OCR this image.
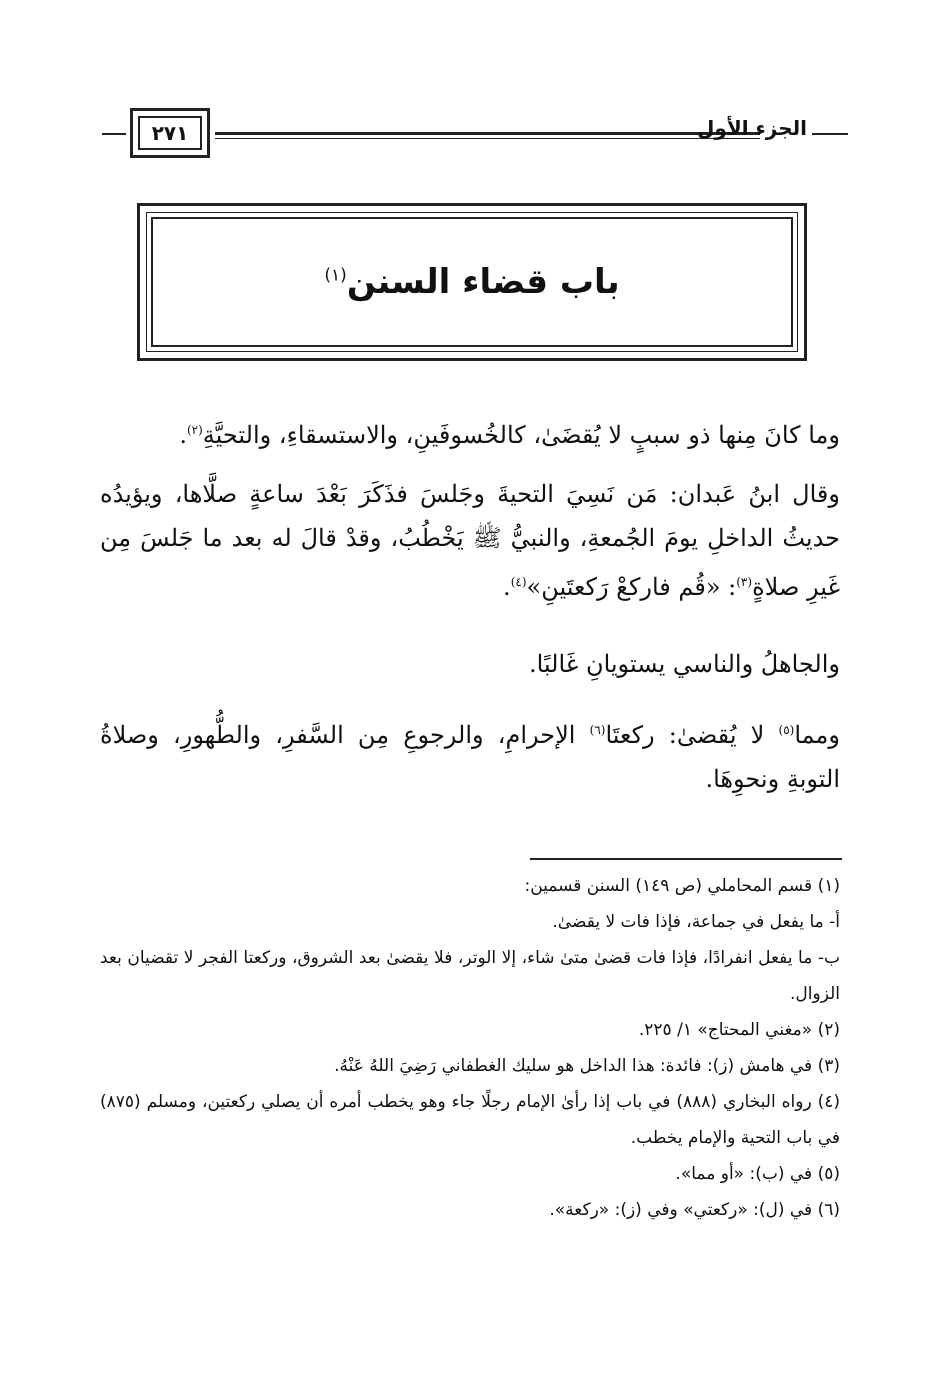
٢٧١	الجزء الأول
باب قضاء السنن$^{(١)}$
وما كانَ مِنها ذو سببٍ لا يُقضَىٰ، كالخُسوفَينِ، والاستسقاءِ، والتحيَّةِ$^{(٢)}$.
وقال ابنُ عَبدان: مَن نَسِيَ التحيةَ وجَلسَ فذَكَرَ بَعْدَ ساعةٍ صلَّاها، ويؤيدُه حديثُ الداخلِ يومَ الجُمعةِ، والنبيُّ ﷺ يَخْطُبُ، وقدْ قالَ له بعد ما جَلسَ مِن غَيرِ صلاةٍ$^{(٣)}$: «قُم فاركعْ رَكعتَينِ»$^{(٤)}$.
والجاهلُ والناسي يستويانِ غَالبًا.
ومما$^{(٥)}$ لا يُقضىٰ: ركعتَا$^{(٦)}$ الإحرامِ، والرجوعِ مِن السَّفرِ، والطُّهورِ، وصلاةُ التوبةِ ونحوِهَا.

(١) قسم المحاملي (ص ١٤٩) السنن قسمين:

أ- ما يفعل في جماعة، فإذا فات لا يقضىٰ.

ب- ما يفعل انفرادًا، فإذا فات قضىٰ متىٰ شاء، إلا الوتر، فلا يقضىٰ بعد الشروق، وركعتا الفجر لا تقضيان بعد الزوال.

(٢) «مغني المحتاج» ١/ ٢٢٥.

(٣) في هامش (ز): فائدة: هذا الداخل هو سليك الغطفاني رَضِيَ اللهُ عَنْهُ.

(٤) رواه البخاري (٨٨٨) في باب إذا رأىٰ الإمام رجلًا جاء وهو يخطب أمره أن يصلي ركعتين، ومسلم (٨٧٥) في باب التحية والإمام يخطب.

(٥) في (ب): «أو مما».

(٦) في (ل): «ركعتي» وفي (ز): «ركعة».
